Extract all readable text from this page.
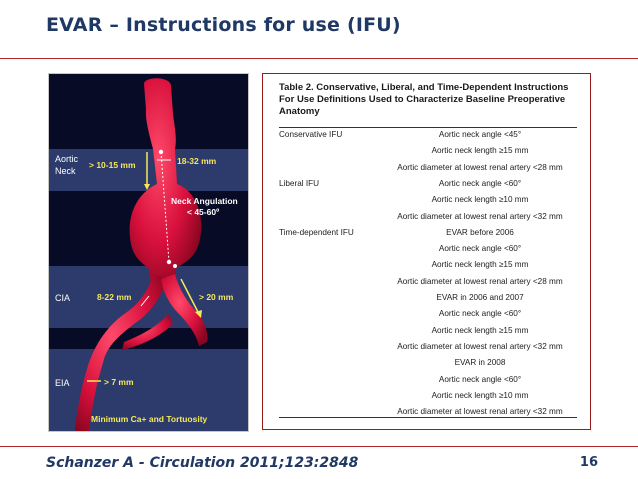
EVAR – Instructions for use (IFU)
Aortic
Neck
CIA
EIA
> 10-15 mm	18-32 mm
Neck Angulation
< 45-60º
8-22 mm	> 20 mm
> 7 mm
Minimum Ca+ and Tortuosity
Table 2. Conservative, Liberal, and Time-Dependent Instructions For Use Definitions Used to Characterize Baseline Preoperative Anatomy
Conservative IFU	Aortic neck angle <45°
Aortic neck length ≥15 mm
Aortic diameter at lowest renal artery <28 mm
Liberal IFU	Aortic neck angle <60°
Aortic neck length ≥10 mm
Aortic diameter at lowest renal artery <32 mm
Time-dependent IFU	EVAR before 2006
Aortic neck angle <60°
Aortic neck length ≥15 mm
Aortic diameter at lowest renal artery <28 mm
EVAR in 2006 and 2007
Aortic neck angle <60°
Aortic neck length ≥15 mm
Aortic diameter at lowest renal artery <32 mm
EVAR in 2008
Aortic neck angle <60°
Aortic neck length ≥10 mm
Aortic diameter at lowest renal artery <32 mm
Schanzer A - Circulation 2011;123:2848	16
